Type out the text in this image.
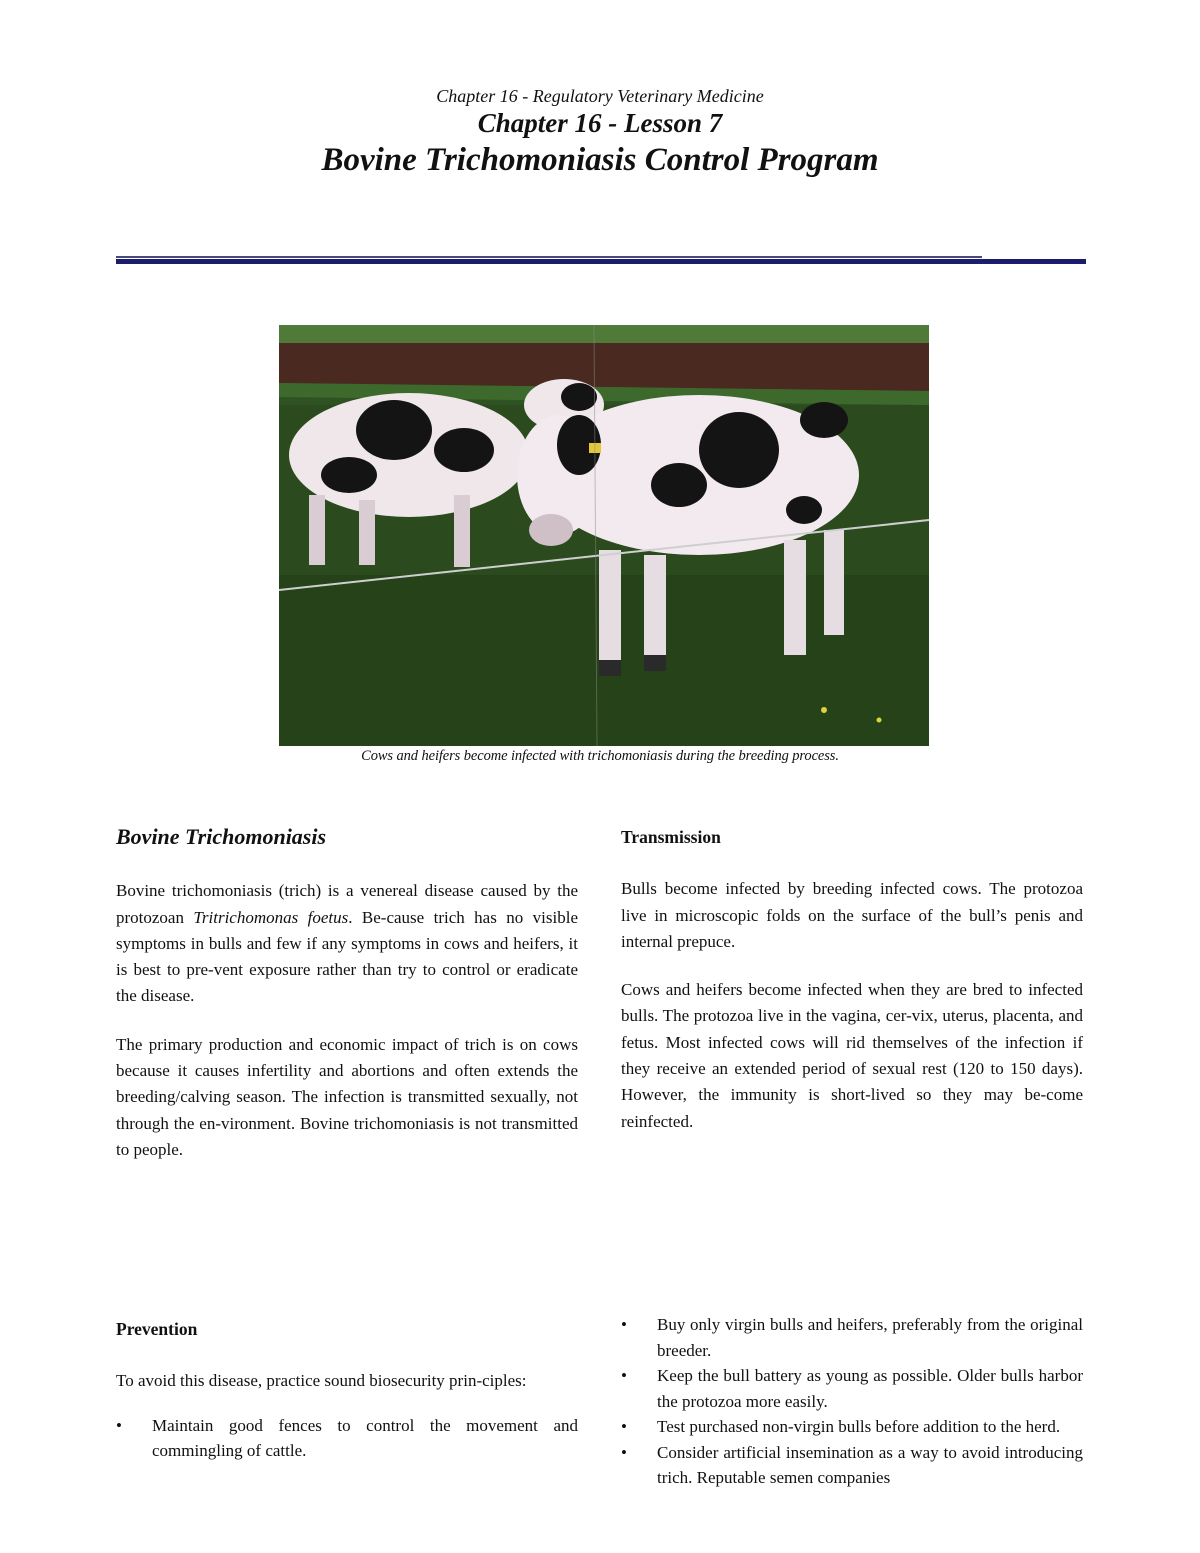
Chapter 16 - Regulatory Veterinary Medicine
Chapter 16 - Lesson 7
Bovine Trichomoniasis Control Program
Cows and heifers become infected with trichomoniasis during the breeding process.
Bovine Trichomoniasis

Bovine trichomoniasis (trich) is a venereal disease caused by the protozoan Tritrichomonas foetus. Be-cause trich has no visible symptoms in bulls and few if any symptoms in cows and heifers, it is best to pre-vent exposure rather than try to control or eradicate the disease.

The primary production and economic impact of trich is on cows because it causes infertility and abortions and often extends the breeding/calving season. The infection is transmitted sexually, not through the en-vironment. Bovine trichomoniasis is not transmitted to people.

Transmission

Bulls become infected by breeding infected cows. The protozoa live in microscopic folds on the surface of the bull’s penis and internal prepuce.

Cows and heifers become infected when they are bred to infected bulls. The protozoa live in the vagina, cer-vix, uterus, placenta, and fetus. Most infected cows will rid themselves of the infection if they receive an extended period of sexual rest (120 to 150 days). However, the immunity is short-lived so they may be-come reinfected.

Prevention

To avoid this disease, practice sound biosecurity prin-ciples:

• Maintain good fences to control the movement and commingling of cattle.
• Buy only virgin bulls and heifers, preferably from the original breeder.
• Keep the bull battery as young as possible. Older bulls harbor the protozoa more easily.
• Test purchased non-virgin bulls before addition to the herd.
• Consider artificial insemination as a way to avoid introducing trich. Reputable semen companies
